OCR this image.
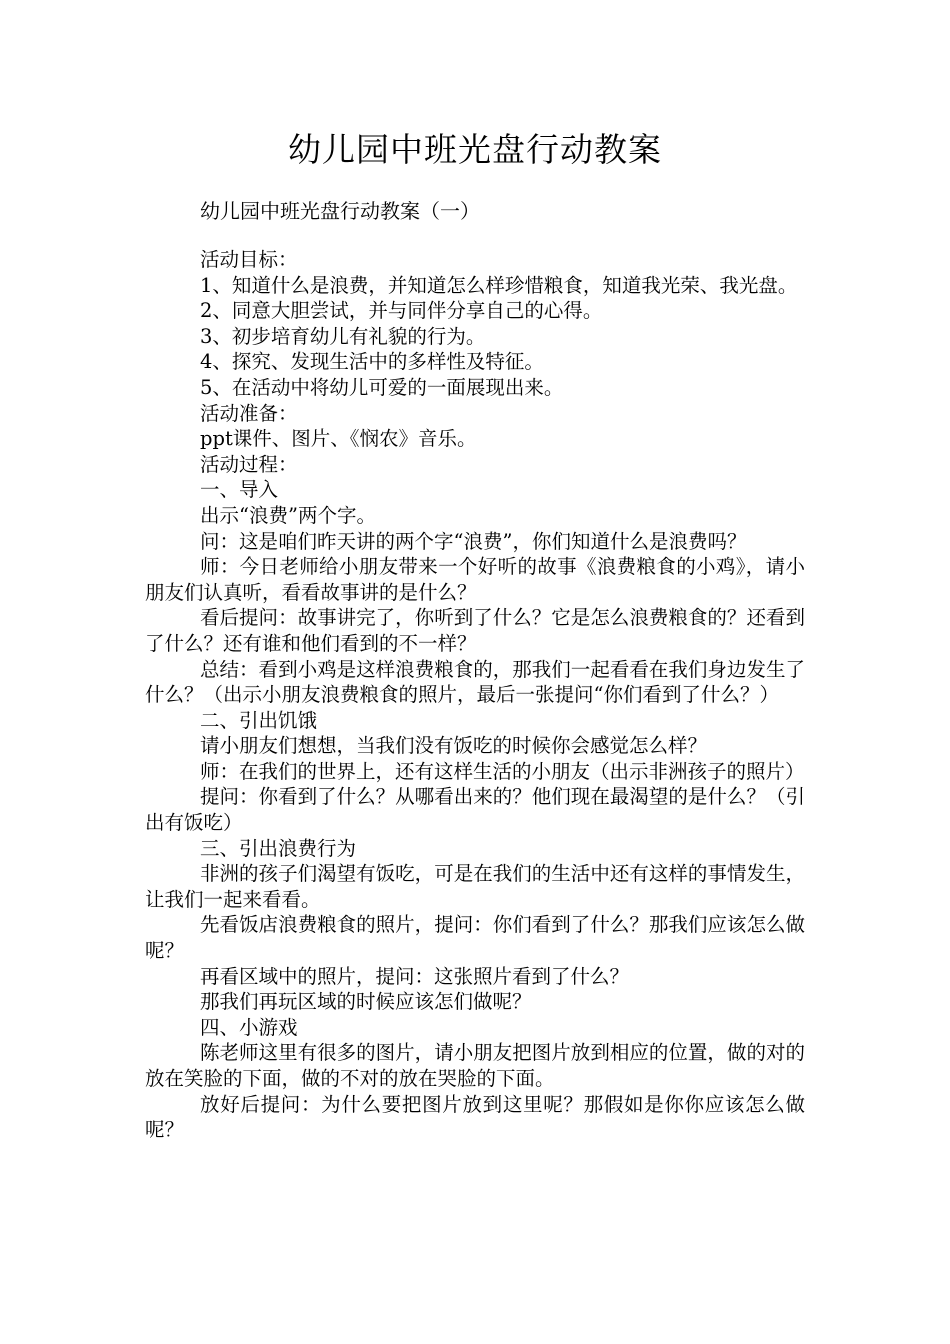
幼儿园中班光盘行动教案
幼儿园中班光盘行动教案（一）

活动目标：

1、知道什么是浪费，并知道怎么样珍惜粮食，知道我光荣、我光盘。

2、同意大胆尝试，并与同伴分享自己的心得。

3、初步培育幼儿有礼貌的行为。

4、探究、发现生活中的多样性及特征。

5、在活动中将幼儿可爱的一面展现出来。

活动准备：

ppt课件、图片、《悯农》音乐。

活动过程：

一、导入

出示“浪费”两个字。

问：这是咱们昨天讲的两个字“浪费”，你们知道什么是浪费吗？

师：今日老师给小朋友带来一个好听的故事《浪费粮食的小鸡》，请小朋友们认真听，看看故事讲的是什么？

看后提问：故事讲完了，你听到了什么？它是怎么浪费粮食的？还看到了什么？还有谁和他们看到的不一样？

总结：看到小鸡是这样浪费粮食的，那我们一起看看在我们身边发生了什么？（出示小朋友浪费粮食的照片，最后一张提问“你们看到了什么？）

二、引出饥饿

请小朋友们想想，当我们没有饭吃的时候你会感觉怎么样？

师：在我们的世界上，还有这样生活的小朋友（出示非洲孩子的照片）

提问：你看到了什么？从哪看出来的？他们现在最渴望的是什么？（引出有饭吃）

三、引出浪费行为

非洲的孩子们渴望有饭吃，可是在我们的生活中还有这样的事情发生，让我们一起来看看。

先看饭店浪费粮食的照片，提问：你们看到了什么？那我们应该怎么做呢？

再看区域中的照片，提问：这张照片看到了什么？

那我们再玩区域的时候应该怎们做呢？

四、小游戏

陈老师这里有很多的图片，请小朋友把图片放到相应的位置，做的对的放在笑脸的下面，做的不对的放在哭脸的下面。

放好后提问：为什么要把图片放到这里呢？那假如是你你应该怎么做呢？
